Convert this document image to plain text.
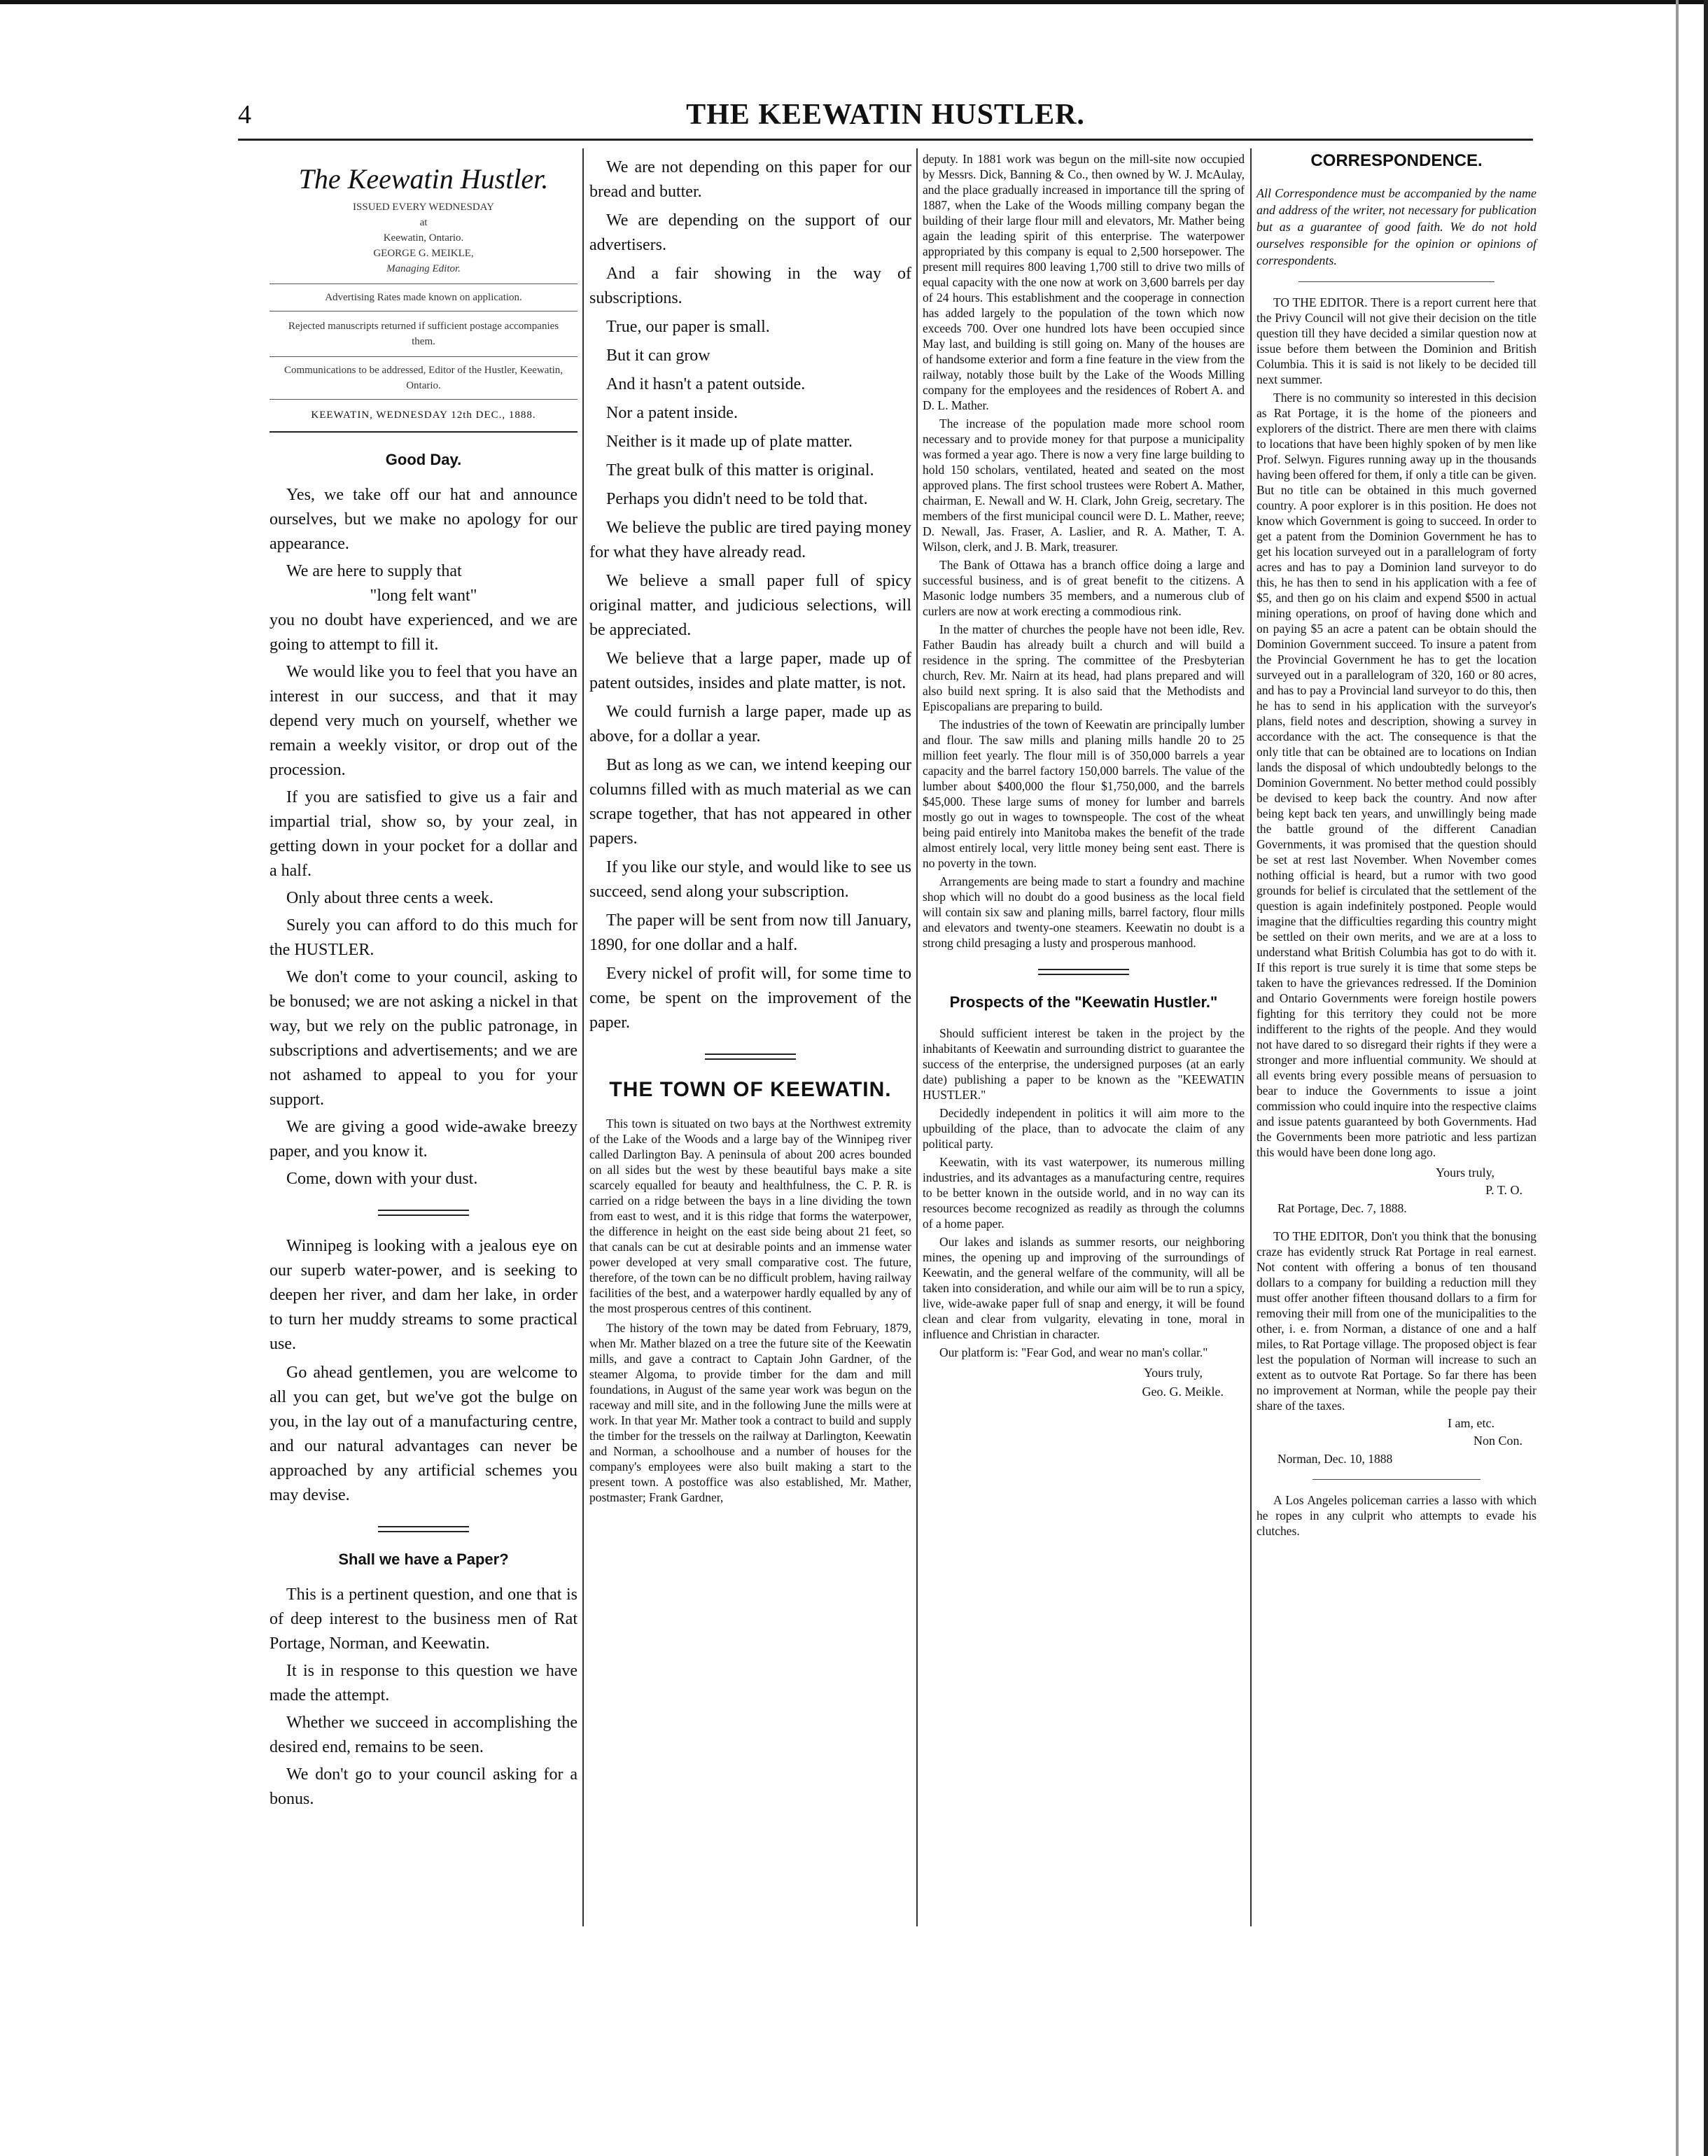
4	THE KEEWATIN HUSTLER.
The Keewatin Hustler.

ISSUED EVERY WEDNESDAY

at

Keewatin, Ontario.

GEORGE G. MEIKLE,

Managing Editor.

Advertising Rates made known on application.

Rejected manuscripts returned if sufficient postage accompanies them.

Communications to be addressed, Editor of the Hustler, Keewatin, Ontario.

KEEWATIN, WEDNESDAY 12th DEC., 1888.
Good Day.

Yes, we take off our hat and announce ourselves, but we make no apology for our appearance.

We are here to supply that

"long felt want"

you no doubt have experienced, and we are going to attempt to fill it.

We would like you to feel that you have an interest in our success, and that it may depend very much on yourself, whether we remain a weekly visitor, or drop out of the procession.

If you are satisfied to give us a fair and impartial trial, show so, by your zeal, in getting down in your pocket for a dollar and a half.

Only about three cents a week.

Surely you can afford to do this much for the HUSTLER.

We don't come to your council, asking to be bonused; we are not asking a nickel in that way, but we rely on the public patronage, in subscriptions and advertisements; and we are not ashamed to appeal to you for your support.

We are giving a good wide-awake breezy paper, and you know it.

Come, down with your dust.

Winnipeg is looking with a jealous eye on our superb water-power, and is seeking to deepen her river, and dam her lake, in order to turn her muddy streams to some practical use.

Go ahead gentlemen, you are welcome to all you can get, but we've got the bulge on you, in the lay out of a manufacturing centre, and our natural advantages can never be approached by any artificial schemes you may devise.

Shall we have a Paper?

This is a pertinent question, and one that is of deep interest to the business men of Rat Portage, Norman, and Keewatin.

It is in response to this question we have made the attempt.

Whether we succeed in accomplishing the desired end, remains to be seen.

We don't go to your council asking for a bonus.

We are not depending on this paper for our bread and butter.

We are depending on the support of our advertisers.

And a fair showing in the way of subscriptions.

True, our paper is small.

But it can grow

And it hasn't a patent outside.

Nor a patent inside.

Neither is it made up of plate matter.

The great bulk of this matter is original.

Perhaps you didn't need to be told that.

We believe the public are tired paying money for what they have already read.

We believe a small paper full of spicy original matter, and judicious selections, will be appreciated.

We believe that a large paper, made up of patent outsides, insides and plate matter, is not.

We could furnish a large paper, made up as above, for a dollar a year.

But as long as we can, we intend keeping our columns filled with as much material as we can scrape together, that has not appeared in other papers.

If you like our style, and would like to see us succeed, send along your subscription.

The paper will be sent from now till January, 1890, for one dollar and a half.

Every nickel of profit will, for some time to come, be spent on the improvement of the paper.

THE TOWN OF KEEWATIN.

This town is situated on two bays at the Northwest extremity of the Lake of the Woods and a large bay of the Winnipeg river called Darlington Bay. A peninsula of about 200 acres bounded on all sides but the west by these beautiful bays make a site scarcely equalled for beauty and healthfulness, the C. P. R. is carried on a ridge between the bays in a line dividing the town from east to west, and it is this ridge that forms the waterpower, the difference in height on the east side being about 21 feet, so that canals can be cut at desirable points and an immense water power developed at very small comparative cost. The future, therefore, of the town can be no difficult problem, having railway facilities of the best, and a waterpower hardly equalled by any of the most prosperous centres of this continent.

The history of the town may be dated from February, 1879, when Mr. Mather blazed on a tree the future site of the Keewatin mills, and gave a contract to Captain John Gardner, of the steamer Algoma, to provide timber for the dam and mill foundations, in August of the same year work was begun on the raceway and mill site, and in the following June the mills were at work. In that year Mr. Mather took a contract to build and supply the timber for the tressels on the railway at Darlington, Keewatin and Norman, a schoolhouse and a number of houses for the company's employees were also built making a start to the present town. A postoffice was also established, Mr. Mather, postmaster; Frank Gardner,

deputy. In 1881 work was begun on the mill-site now occupied by Messrs. Dick, Banning & Co., then owned by W. J. McAulay, and the place gradually increased in importance till the spring of 1887, when the Lake of the Woods milling company began the building of their large flour mill and elevators, Mr. Mather being again the leading spirit of this enterprise. The waterpower appropriated by this company is equal to 2,500 horsepower. The present mill requires 800 leaving 1,700 still to drive two mills of equal capacity with the one now at work on 3,600 barrels per day of 24 hours. This establishment and the cooperage in connection has added largely to the population of the town which now exceeds 700. Over one hundred lots have been occupied since May last, and building is still going on. Many of the houses are of handsome exterior and form a fine feature in the view from the railway, notably those built by the Lake of the Woods Milling company for the employees and the residences of Robert A. and D. L. Mather.

The increase of the population made more school room necessary and to provide money for that purpose a municipality was formed a year ago. There is now a very fine large building to hold 150 scholars, ventilated, heated and seated on the most approved plans. The first school trustees were Robert A. Mather, chairman, E. Newall and W. H. Clark, John Greig, secretary. The members of the first municipal council were D. L. Mather, reeve; D. Newall, Jas. Fraser, A. Laslier, and R. A. Mather, T. A. Wilson, clerk, and J. B. Mark, treasurer.

The Bank of Ottawa has a branch office doing a large and successful business, and is of great benefit to the citizens. A Masonic lodge numbers 35 members, and a numerous club of curlers are now at work erecting a commodious rink.

In the matter of churches the people have not been idle, Rev. Father Baudin has already built a church and will build a residence in the spring. The committee of the Presbyterian church, Rev. Mr. Nairn at its head, had plans prepared and will also build next spring. It is also said that the Methodists and Episcopalians are preparing to build.

The industries of the town of Keewatin are principally lumber and flour. The saw mills and planing mills handle 20 to 25 million feet yearly. The flour mill is of 350,000 barrels a year capacity and the barrel factory 150,000 barrels. The value of the lumber about $400,000 the flour $1,750,000, and the barrels $45,000. These large sums of money for lumber and barrels mostly go out in wages to townspeople. The cost of the wheat being paid entirely into Manitoba makes the benefit of the trade almost entirely local, very little money being sent east. There is no poverty in the town.

Arrangements are being made to start a foundry and machine shop which will no doubt do a good business as the local field will contain six saw and planing mills, barrel factory, flour mills and elevators and twenty-one steamers. Keewatin no doubt is a strong child presaging a lusty and prosperous manhood.

Prospects of the "Keewatin Hustler."

Should sufficient interest be taken in the project by the inhabitants of Keewatin and surrounding district to guarantee the success of the enterprise, the undersigned purposes (at an early date) publishing a paper to be known as the "KEEWATIN HUSTLER."

Decidedly independent in politics it will aim more to the upbuilding of the place, than to advocate the claim of any political party.

Keewatin, with its vast waterpower, its numerous milling industries, and its advantages as a manufacturing centre, requires to be better known in the outside world, and in no way can its resources become recognized as readily as through the columns of a home paper.

Our lakes and islands as summer resorts, our neighboring mines, the opening up and improving of the surroundings of Keewatin, and the general welfare of the community, will all be taken into consideration, and while our aim will be to run a spicy, live, wide-awake paper full of snap and energy, it will be found clean and clear from vulgarity, elevating in tone, moral in influence and Christian in character.

Our platform is: "Fear God, and wear no man's collar."

Yours truly,

Geo. G. Meikle.

CORRESPONDENCE.

All Correspondence must be accompanied by the name and address of the writer, not necessary for publication but as a guarantee of good faith. We do not hold ourselves responsible for the opinion or opinions of correspondents.

TO THE EDITOR. There is a report current here that the Privy Council will not give their decision on the title question till they have decided a similar question now at issue before them between the Dominion and British Columbia. This it is said is not likely to be decided till next summer.

There is no community so interested in this decision as Rat Portage, it is the home of the pioneers and explorers of the district. There are men there with claims to locations that have been highly spoken of by men like Prof. Selwyn. Figures running away up in the thousands having been offered for them, if only a title can be given. But no title can be obtained in this much governed country. A poor explorer is in this position. He does not know which Government is going to succeed. In order to get a patent from the Dominion Government he has to get his location surveyed out in a parallelogram of forty acres and has to pay a Dominion land surveyor to do this, he has then to send in his application with a fee of $5, and then go on his claim and expend $500 in actual mining operations, on proof of having done which and on paying $5 an acre a patent can be obtain should the Dominion Government succeed. To insure a patent from the Provincial Government he has to get the location surveyed out in a parallelogram of 320, 160 or 80 acres, and has to pay a Provincial land surveyor to do this, then he has to send in his application with the surveyor's plans, field notes and description, showing a survey in accordance with the act. The consequence is that the only title that can be obtained are to locations on Indian lands the disposal of which undoubtedly belongs to the Dominion Government. No better method could possibly be devised to keep back the country. And now after being kept back ten years, and unwillingly being made the battle ground of the different Canadian Governments, it was promised that the question should be set at rest last November. When November comes nothing official is heard, but a rumor with two good grounds for belief is circulated that the settlement of the question is again indefinitely postponed. People would imagine that the difficulties regarding this country might be settled on their own merits, and we are at a loss to understand what British Columbia has got to do with it. If this report is true surely it is time that some steps be taken to have the grievances redressed. If the Dominion and Ontario Governments were foreign hostile powers fighting for this territory they could not be more indifferent to the rights of the people. And they would not have dared to so disregard their rights if they were a stronger and more influential community. We should at all events bring every possible means of persuasion to bear to induce the Governments to issue a joint commission who could inquire into the respective claims and issue patents guaranteed by both Governments. Had the Governments been more patriotic and less partizan this would have been done long ago.

Yours truly,

P. T. O.

Rat Portage, Dec. 7, 1888.

TO THE EDITOR, Don't you think that the bonusing craze has evidently struck Rat Portage in real earnest. Not content with offering a bonus of ten thousand dollars to a company for building a reduction mill they must offer another fifteen thousand dollars to a firm for removing their mill from one of the municipalities to the other, i. e. from Norman, a distance of one and a half miles, to Rat Portage village. The proposed object is fear lest the population of Norman will increase to such an extent as to outvote Rat Portage. So far there has been no improvement at Norman, while the people pay their share of the taxes.

I am, etc.

Non Con.

Norman, Dec. 10, 1888

A Los Angeles policeman carries a lasso with which he ropes in any culprit who attempts to evade his clutches.
